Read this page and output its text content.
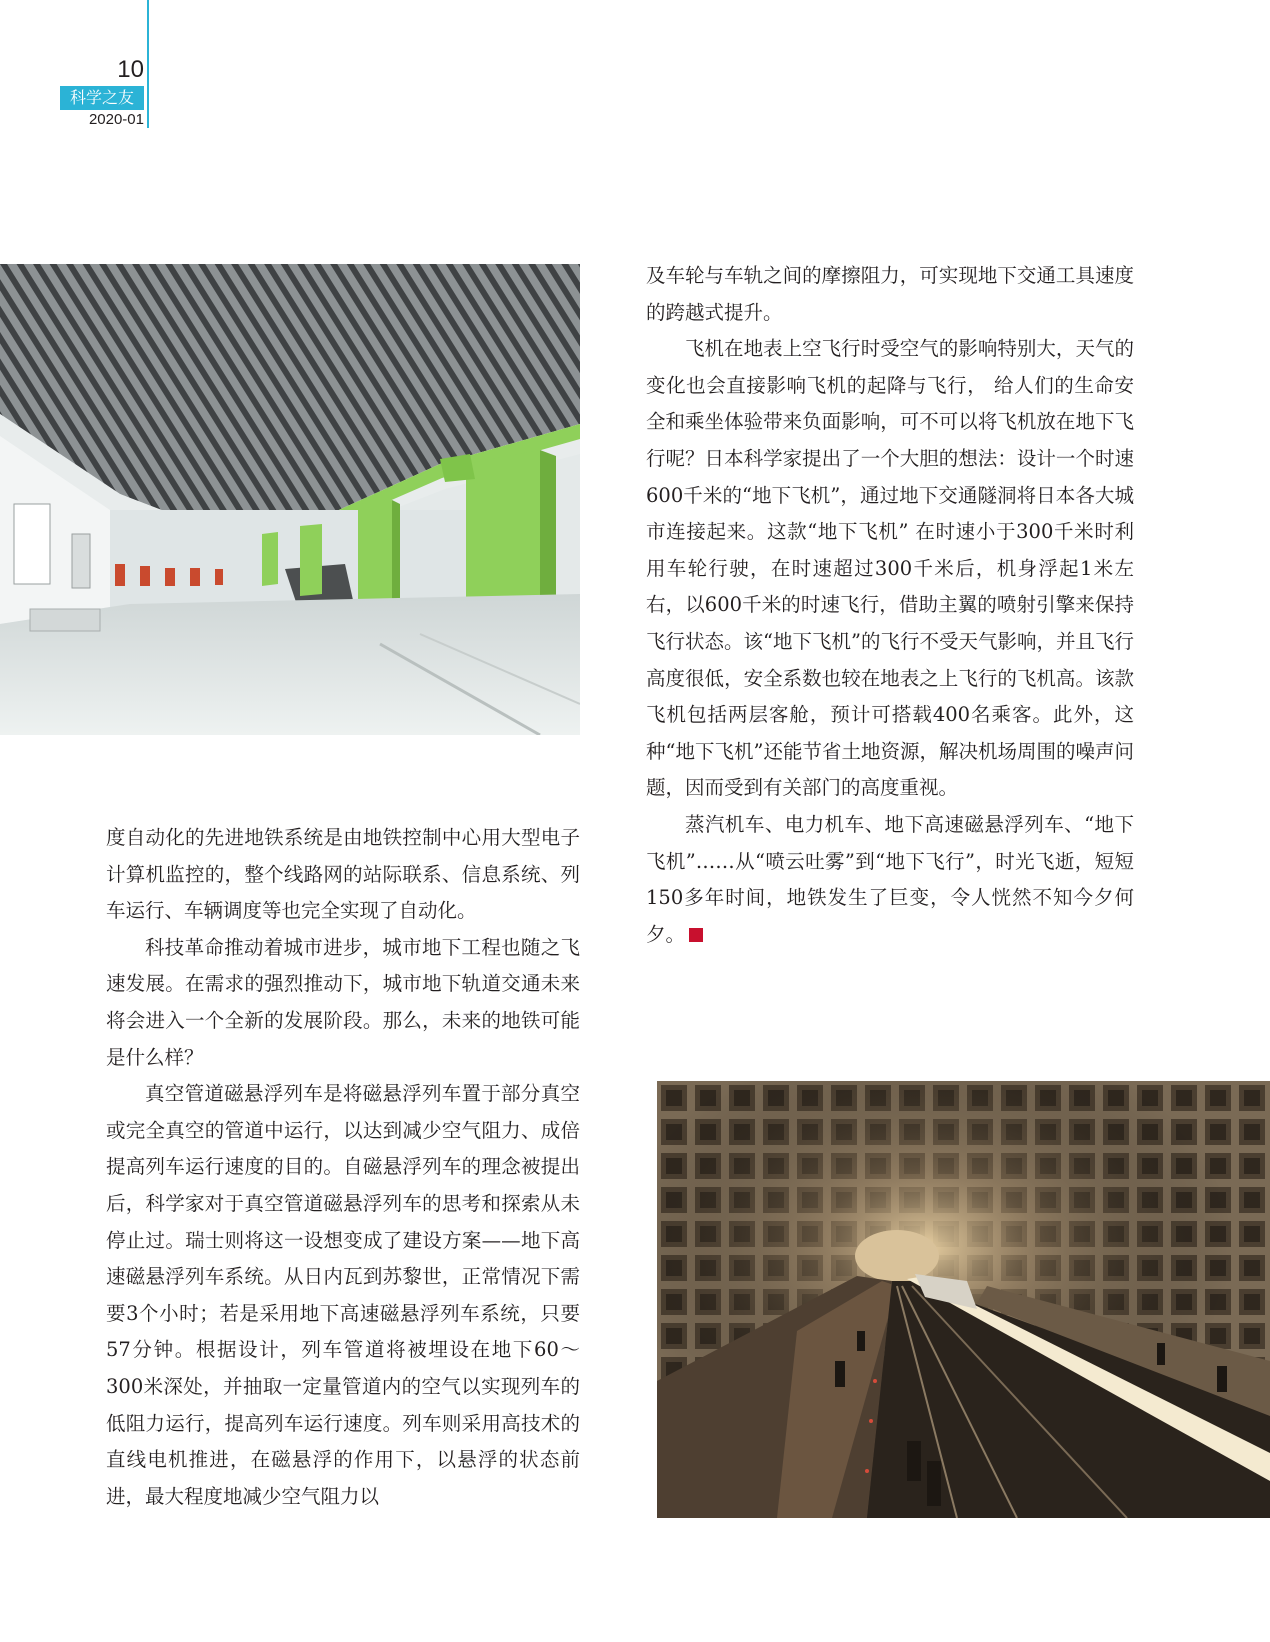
10
科学之友
2020-01

度自动化的先进地铁系统是由地铁控制中心用大型电子计算机监控的，整个线路网的站际联系、信息系统、列车运行、车辆调度等也完全实现了自动化。

科技革命推动着城市进步，城市地下工程也随之飞速发展。在需求的强烈推动下，城市地下轨道交通未来将会进入一个全新的发展阶段。那么，未来的地铁可能是什么样？

真空管道磁悬浮列车是将磁悬浮列车置于部分真空或完全真空的管道中运行，以达到减少空气阻力、成倍提高列车运行速度的目的。自磁悬浮列车的理念被提出后，科学家对于真空管道磁悬浮列车的思考和探索从未停止过。瑞士则将这一设想变成了建设方案——地下高速磁悬浮列车系统。从日内瓦到苏黎世，正常情况下需要3个小时；若是采用地下高速磁悬浮列车系统，只要57分钟。根据设计，列车管道将被埋设在地下60～300米深处，并抽取一定量管道内的空气以实现列车的低阻力运行，提高列车运行速度。列车则采用高技术的直线电机推进，在磁悬浮的作用下，以悬浮的状态前进，最大程度地减少空气阻力以

及车轮与车轨之间的摩擦阻力，可实现地下交通工具速度的跨越式提升。

飞机在地表上空飞行时受空气的影响特别大，天气的变化也会直接影响飞机的起降与飞行， 给人们的生命安全和乘坐体验带来负面影响，可不可以将飞机放在地下飞行呢？日本科学家提出了一个大胆的想法：设计一个时速600千米的“地下飞机”，通过地下交通隧洞将日本各大城市连接起来。这款“地下飞机” 在时速小于300千米时利用车轮行驶，在时速超过300千米后，机身浮起1米左右，以600千米的时速飞行，借助主翼的喷射引擎来保持飞行状态。该“地下飞机”的飞行不受天气影响，并且飞行高度很低，安全系数也较在地表之上飞行的飞机高。该款飞机包括两层客舱，预计可搭载400名乘客。此外，这种“地下飞机”还能节省土地资源，解决机场周围的噪声问题，因而受到有关部门的高度重视。

蒸汽机车、电力机车、地下高速磁悬浮列车、“地下飞机”……从“喷云吐雾”到“地下飞行”，时光飞逝，短短150多年时间，地铁发生了巨变，令人恍然不知今夕何夕。	s
